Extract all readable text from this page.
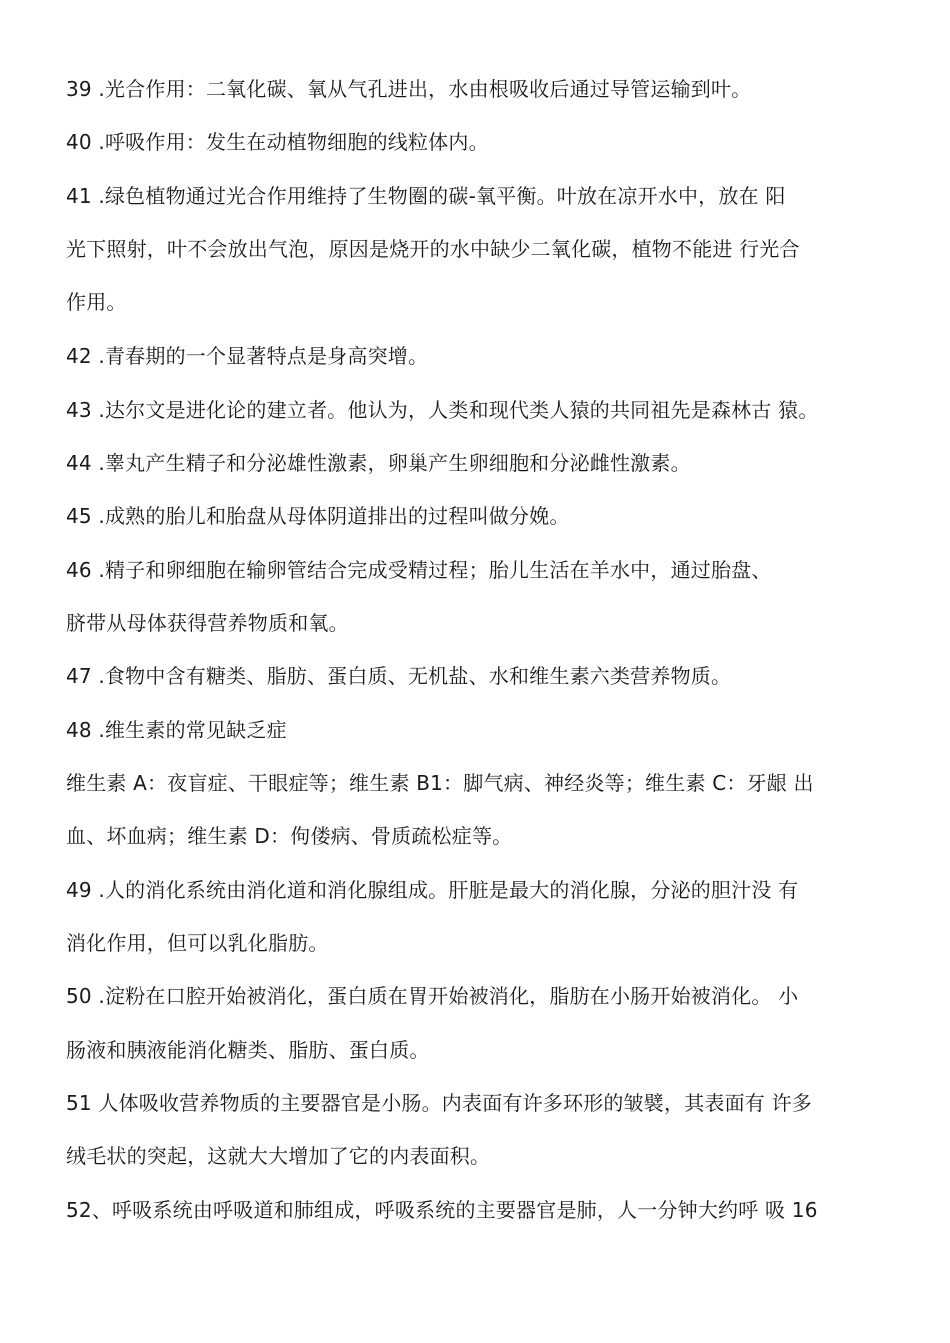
39 .光合作用：二氧化碳、氧从气孔进出，水由根吸收后通过导管运输到叶。
40 .呼吸作用：发生在动植物细胞的线粒体内。
41 .绿色植物通过光合作用维持了生物圈的碳-氧平衡。叶放在凉开水中，放在 阳
光下照射，叶不会放出气泡，原因是烧开的水中缺少二氧化碳，植物不能进 行光合
作用。
42 .青春期的一个显著特点是身高突增。
43 .达尔文是进化论的建立者。他认为，人类和现代类人猿的共同祖先是森林古 猿。
44 .睾丸产生精子和分泌雄性激素，卵巢产生卵细胞和分泌雌性激素。
45 .成熟的胎儿和胎盘从母体阴道排出的过程叫做分娩。
46 .精子和卵细胞在输卵管结合完成受精过程；胎儿生活在羊水中，通过胎盘、
脐带从母体获得营养物质和氧。
47 .食物中含有糖类、脂肪、蛋白质、无机盐、水和维生素六类营养物质。
48 .维生素的常见缺乏症
维生素 A：夜盲症、干眼症等；维生素 B1：脚气病、神经炎等；维生素 C：牙龈 出
血、坏血病；维生素 D：佝偻病、骨质疏松症等。
49 .人的消化系统由消化道和消化腺组成。肝脏是最大的消化腺，分泌的胆汁没 有
消化作用，但可以乳化脂肪。
50 .淀粉在口腔开始被消化，蛋白质在胃开始被消化，脂肪在小肠开始被消化。 小
肠液和胰液能消化糖类、脂肪、蛋白质。
51 人体吸收营养物质的主要器官是小肠。内表面有许多环形的皱襞，其表面有 许多
绒毛状的突起，这就大大增加了它的内表面积。
52、呼吸系统由呼吸道和肺组成，呼吸系统的主要器官是肺，人一分钟大约呼 吸 16
